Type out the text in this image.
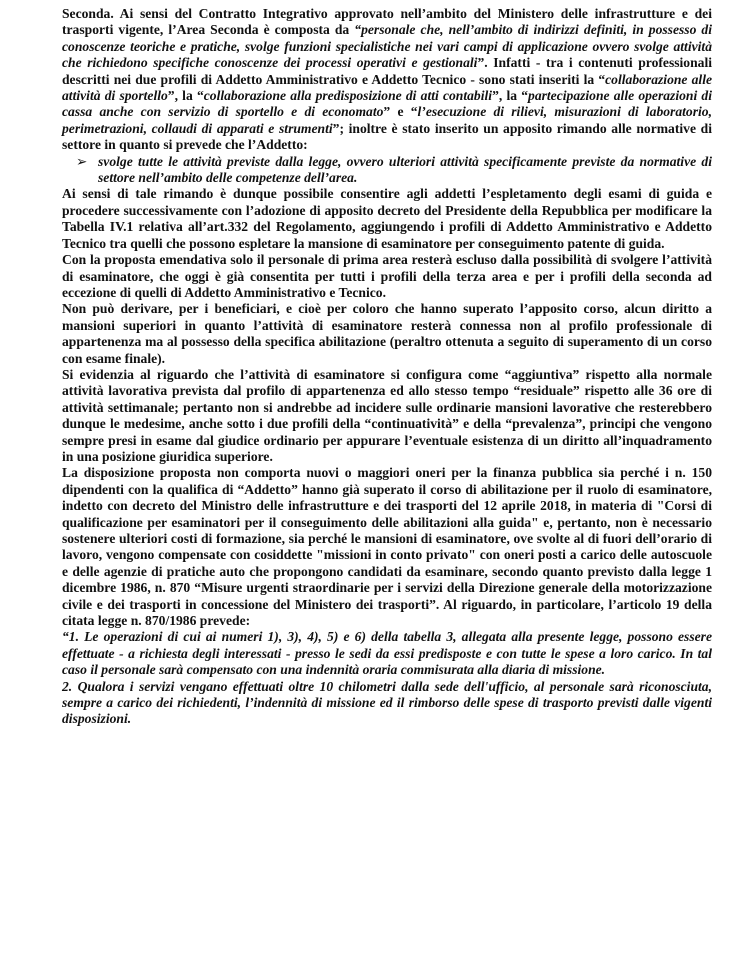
Seconda. Ai sensi del Contratto Integrativo approvato nell’ambito del Ministero delle infrastrutture e dei trasporti vigente, l’Area Seconda è composta da “personale che, nell’ambito di indirizzi definiti, in possesso di conoscenze teoriche e pratiche, svolge funzioni specialistiche nei vari campi di applicazione ovvero svolge attività che richiedono specifiche conoscenze dei processi operativi e gestionali”. Infatti - tra i contenuti professionali descritti nei due profili di Addetto Amministrativo e Addetto Tecnico - sono stati inseriti la “collaborazione alle attività di sportello”, la “collaborazione alla predisposizione di atti contabili”, la “partecipazione alle operazioni di cassa anche con servizio di sportello e di economato” e “l’esecuzione di rilievi, misurazioni di laboratorio, perimetrazioni, collaudi di apparati e strumenti”; inoltre è stato inserito un apposito rimando alle normative di settore in quanto si prevede che l’Addetto:

➢ svolge tutte le attività previste dalla legge, ovvero ulteriori attività specificamente previste da normative di settore nell’ambito delle competenze dell’area.

Ai sensi di tale rimando è dunque possibile consentire agli addetti l’espletamento degli esami di guida e procedere successivamente con l’adozione di apposito decreto del Presidente della Repubblica per modificare la Tabella IV.1 relativa all’art.332 del Regolamento, aggiungendo i profili di Addetto Amministrativo e Addetto Tecnico tra quelli che possono espletare la mansione di esaminatore per conseguimento patente di guida.

Con la proposta emendativa solo il personale di prima area resterà escluso dalla possibilità di svolgere l’attività di esaminatore, che oggi è già consentita per tutti i profili della terza area e per i profili della seconda ad eccezione di quelli di Addetto Amministrativo e Tecnico.

Non può derivare, per i beneficiari, e cioè per coloro che hanno superato l’apposito corso, alcun diritto a mansioni superiori in quanto l’attività di esaminatore resterà connessa non al profilo professionale di appartenenza ma al possesso della specifica abilitazione (peraltro ottenuta a seguito di superamento di un corso con esame finale).

Si evidenzia al riguardo che l’attività di esaminatore si configura come “aggiuntiva” rispetto alla normale attività lavorativa prevista dal profilo di appartenenza ed allo stesso tempo “residuale” rispetto alle 36 ore di attività settimanale; pertanto non si andrebbe ad incidere sulle ordinarie mansioni lavorative che resterebbero dunque le medesime, anche sotto i due profili della “continuatività” e della “prevalenza”, principi che vengono sempre presi in esame dal giudice ordinario per appurare l’eventuale esistenza di un diritto all’inquadramento in una posizione giuridica superiore.

La disposizione proposta non comporta nuovi o maggiori oneri per la finanza pubblica sia perché i n. 150 dipendenti con la qualifica di “Addetto” hanno già superato il corso di abilitazione per il ruolo di esaminatore, indetto con decreto del Ministro delle infrastrutture e dei trasporti del 12 aprile 2018, in materia di "Corsi di qualificazione per esaminatori per il conseguimento delle abilitazioni alla guida" e, pertanto, non è necessario sostenere ulteriori costi di formazione, sia perché le mansioni di esaminatore, ove svolte al di fuori dell’orario di lavoro, vengono compensate con cosiddette "missioni in conto privato" con oneri posti a carico delle autoscuole e delle agenzie di pratiche auto che propongono candidati da esaminare, secondo quanto previsto dalla legge 1 dicembre 1986, n. 870 “Misure urgenti straordinarie per i servizi della Direzione generale della motorizzazione civile e dei trasporti in concessione del Ministero dei trasporti”. Al riguardo, in particolare, l’articolo 19 della citata legge n. 870/1986 prevede:

“1. Le operazioni di cui ai numeri 1), 3), 4), 5) e 6) della tabella 3, allegata alla presente legge, possono essere effettuate - a richiesta degli interessati - presso le sedi da essi predisposte e con tutte le spese a loro carico. In tal caso il personale sarà compensato con una indennità oraria commisurata alla diaria di missione.

2. Qualora i servizi vengano effettuati oltre 10 chilometri dalla sede dell'ufficio, al personale sarà riconosciuta, sempre a carico dei richiedenti, l’indennità di missione ed il rimborso delle spese di trasporto previsti dalle vigenti disposizioni.
